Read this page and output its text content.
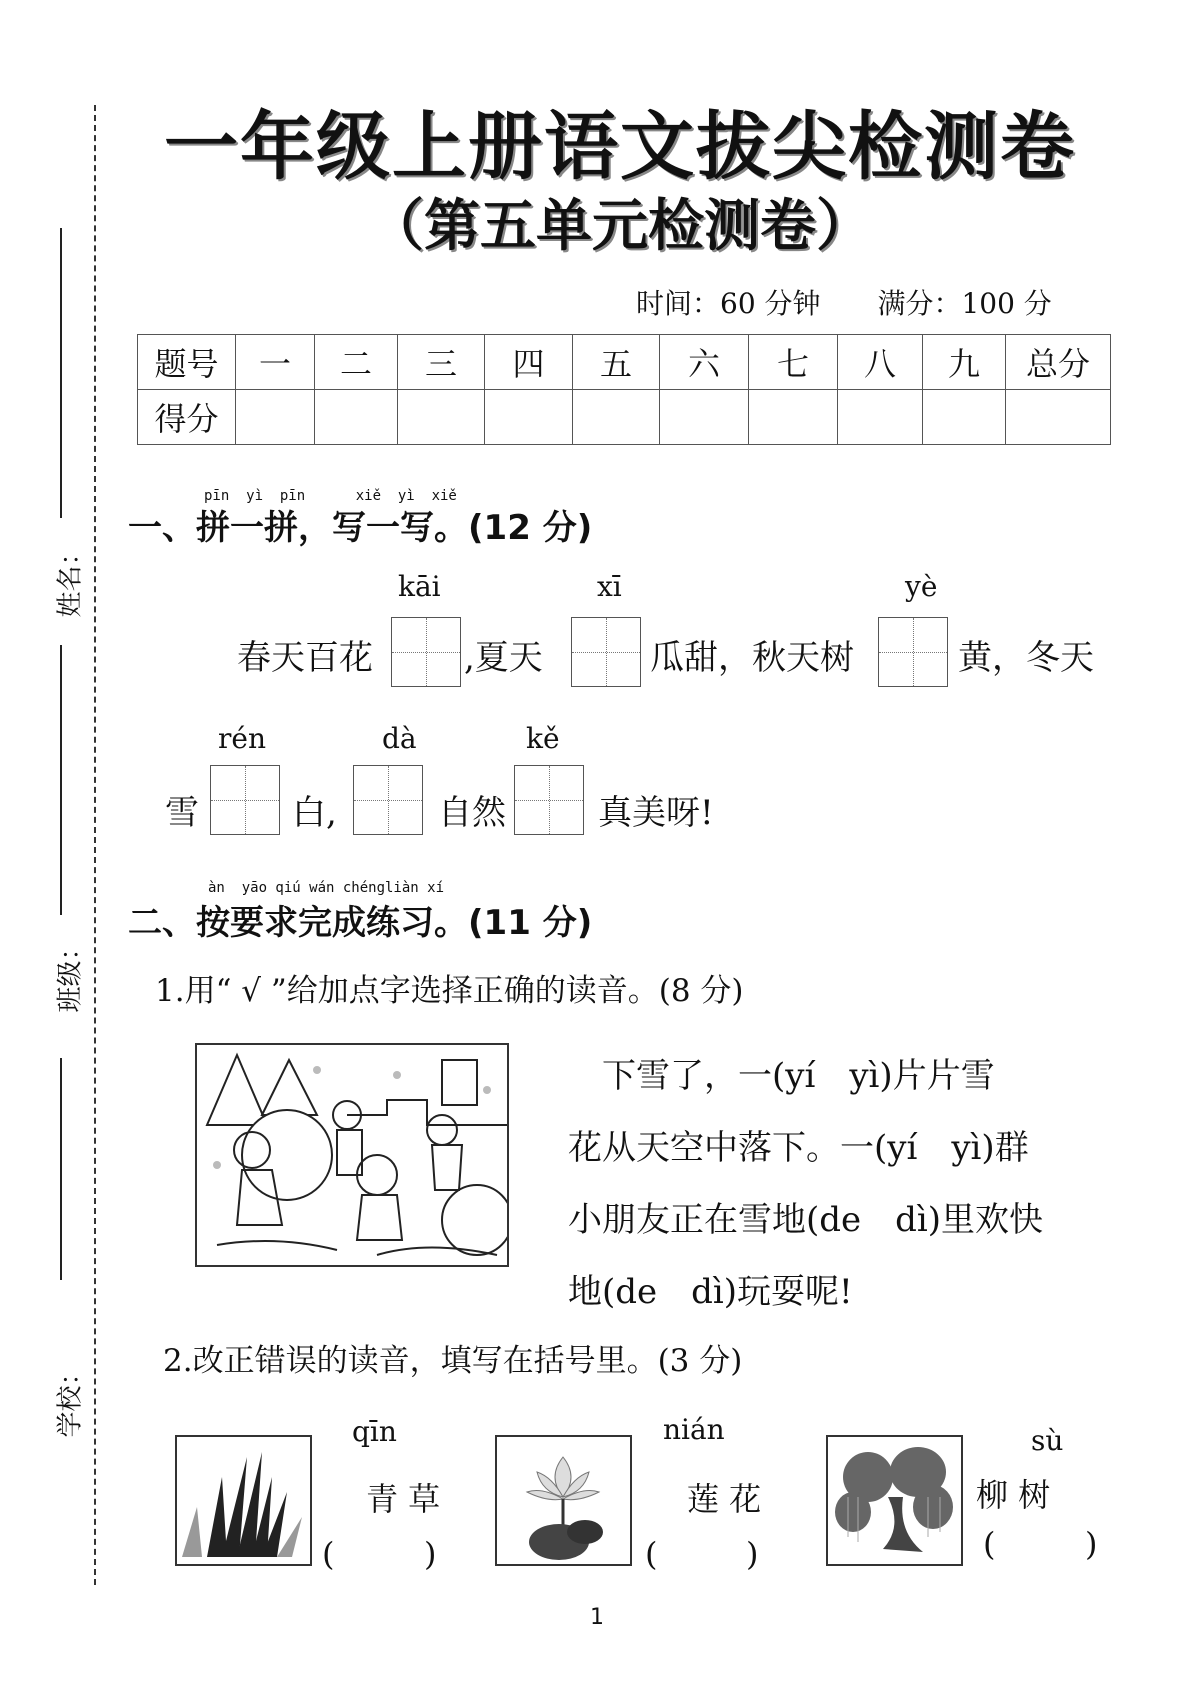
姓名：
班级：
学校：
一年级上册语文拔尖检测卷
（第五单元检测卷）
时间：60 分钟 满分：100 分
题号	一	二	三	四	五	六	七	八	九	总分
得分										
pīn  yì  pīn      xiě  yì  xiě
一、拼一拼，写一写。(12 分)
kāi	xī	yè
春天百花	,夏天	瓜甜，秋天树	黄，冬天
rén	dà	kě
雪	白,	自然	真美呀!
àn  yāo qiú wán chéngliàn xí
二、按要求完成练习。(11 分)
1.用“ √ ”给加点字选择正确的读音。(8 分)

　下雪了，一(yí　yì)片片雪

花从天空中落下。一(yí　yì)群

小朋友正在雪地(de　dì)里欢快

地(de　dì)玩耍呢!

2.改正错误的读音，填写在括号里。(3 分)
qīn
青 草
(	)
nián
莲 花
(	)
sù
柳 树
(	)
1
